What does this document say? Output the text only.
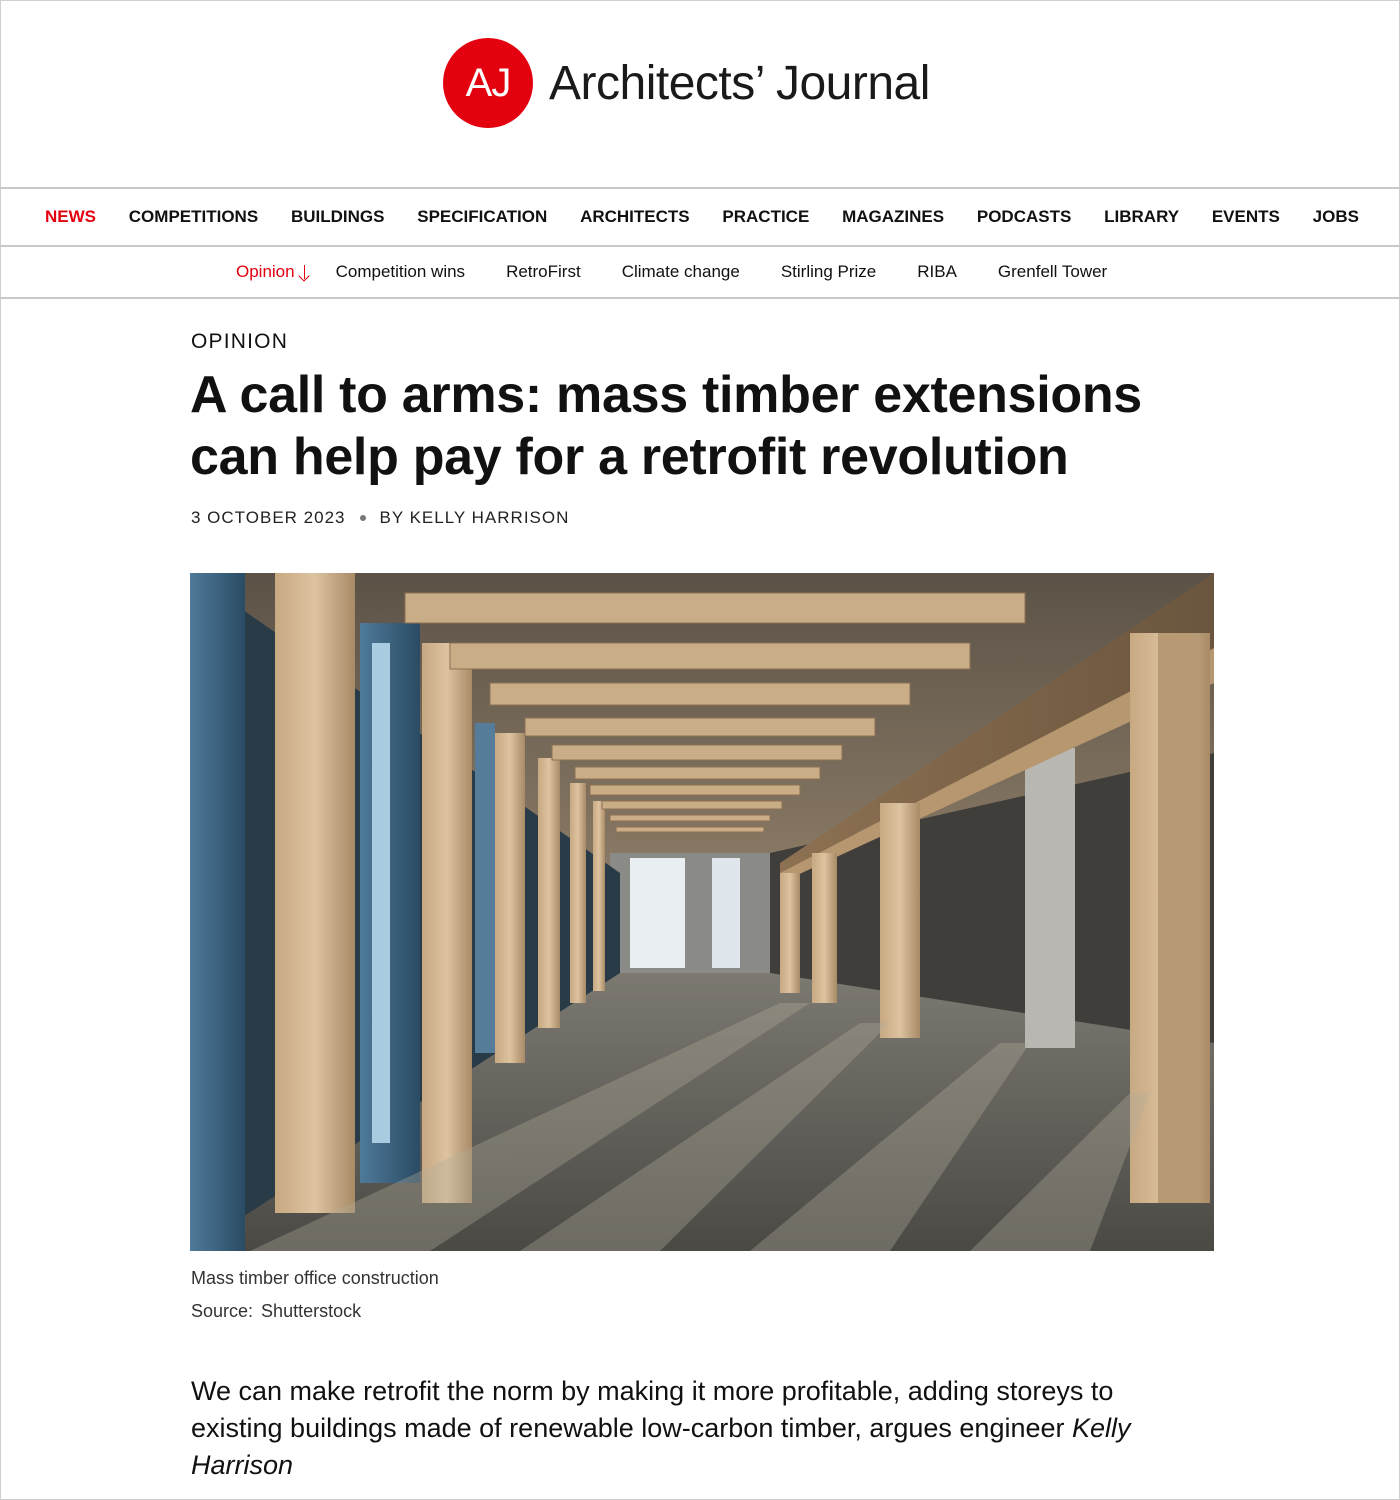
AJ Architects’ Journal
NEWS COMPETITIONS BUILDINGS SPECIFICATION ARCHITECTS PRACTICE MAGAZINES PODCASTS LIBRARY EVENTS JOBS
Opinion Competition wins RetroFirst Climate change Stirling Prize RIBA Grenfell Tower
OPINION
A call to arms: mass timber extensions can help pay for a retrofit revolution
3 OCTOBER 2023 BY KELLY HARRISON
Mass timber office construction
Source: Shutterstock

We can make retrofit the norm by making it more profitable, adding storeys to existing buildings made of renewable low-carbon timber, argues engineer Kelly Harrison
